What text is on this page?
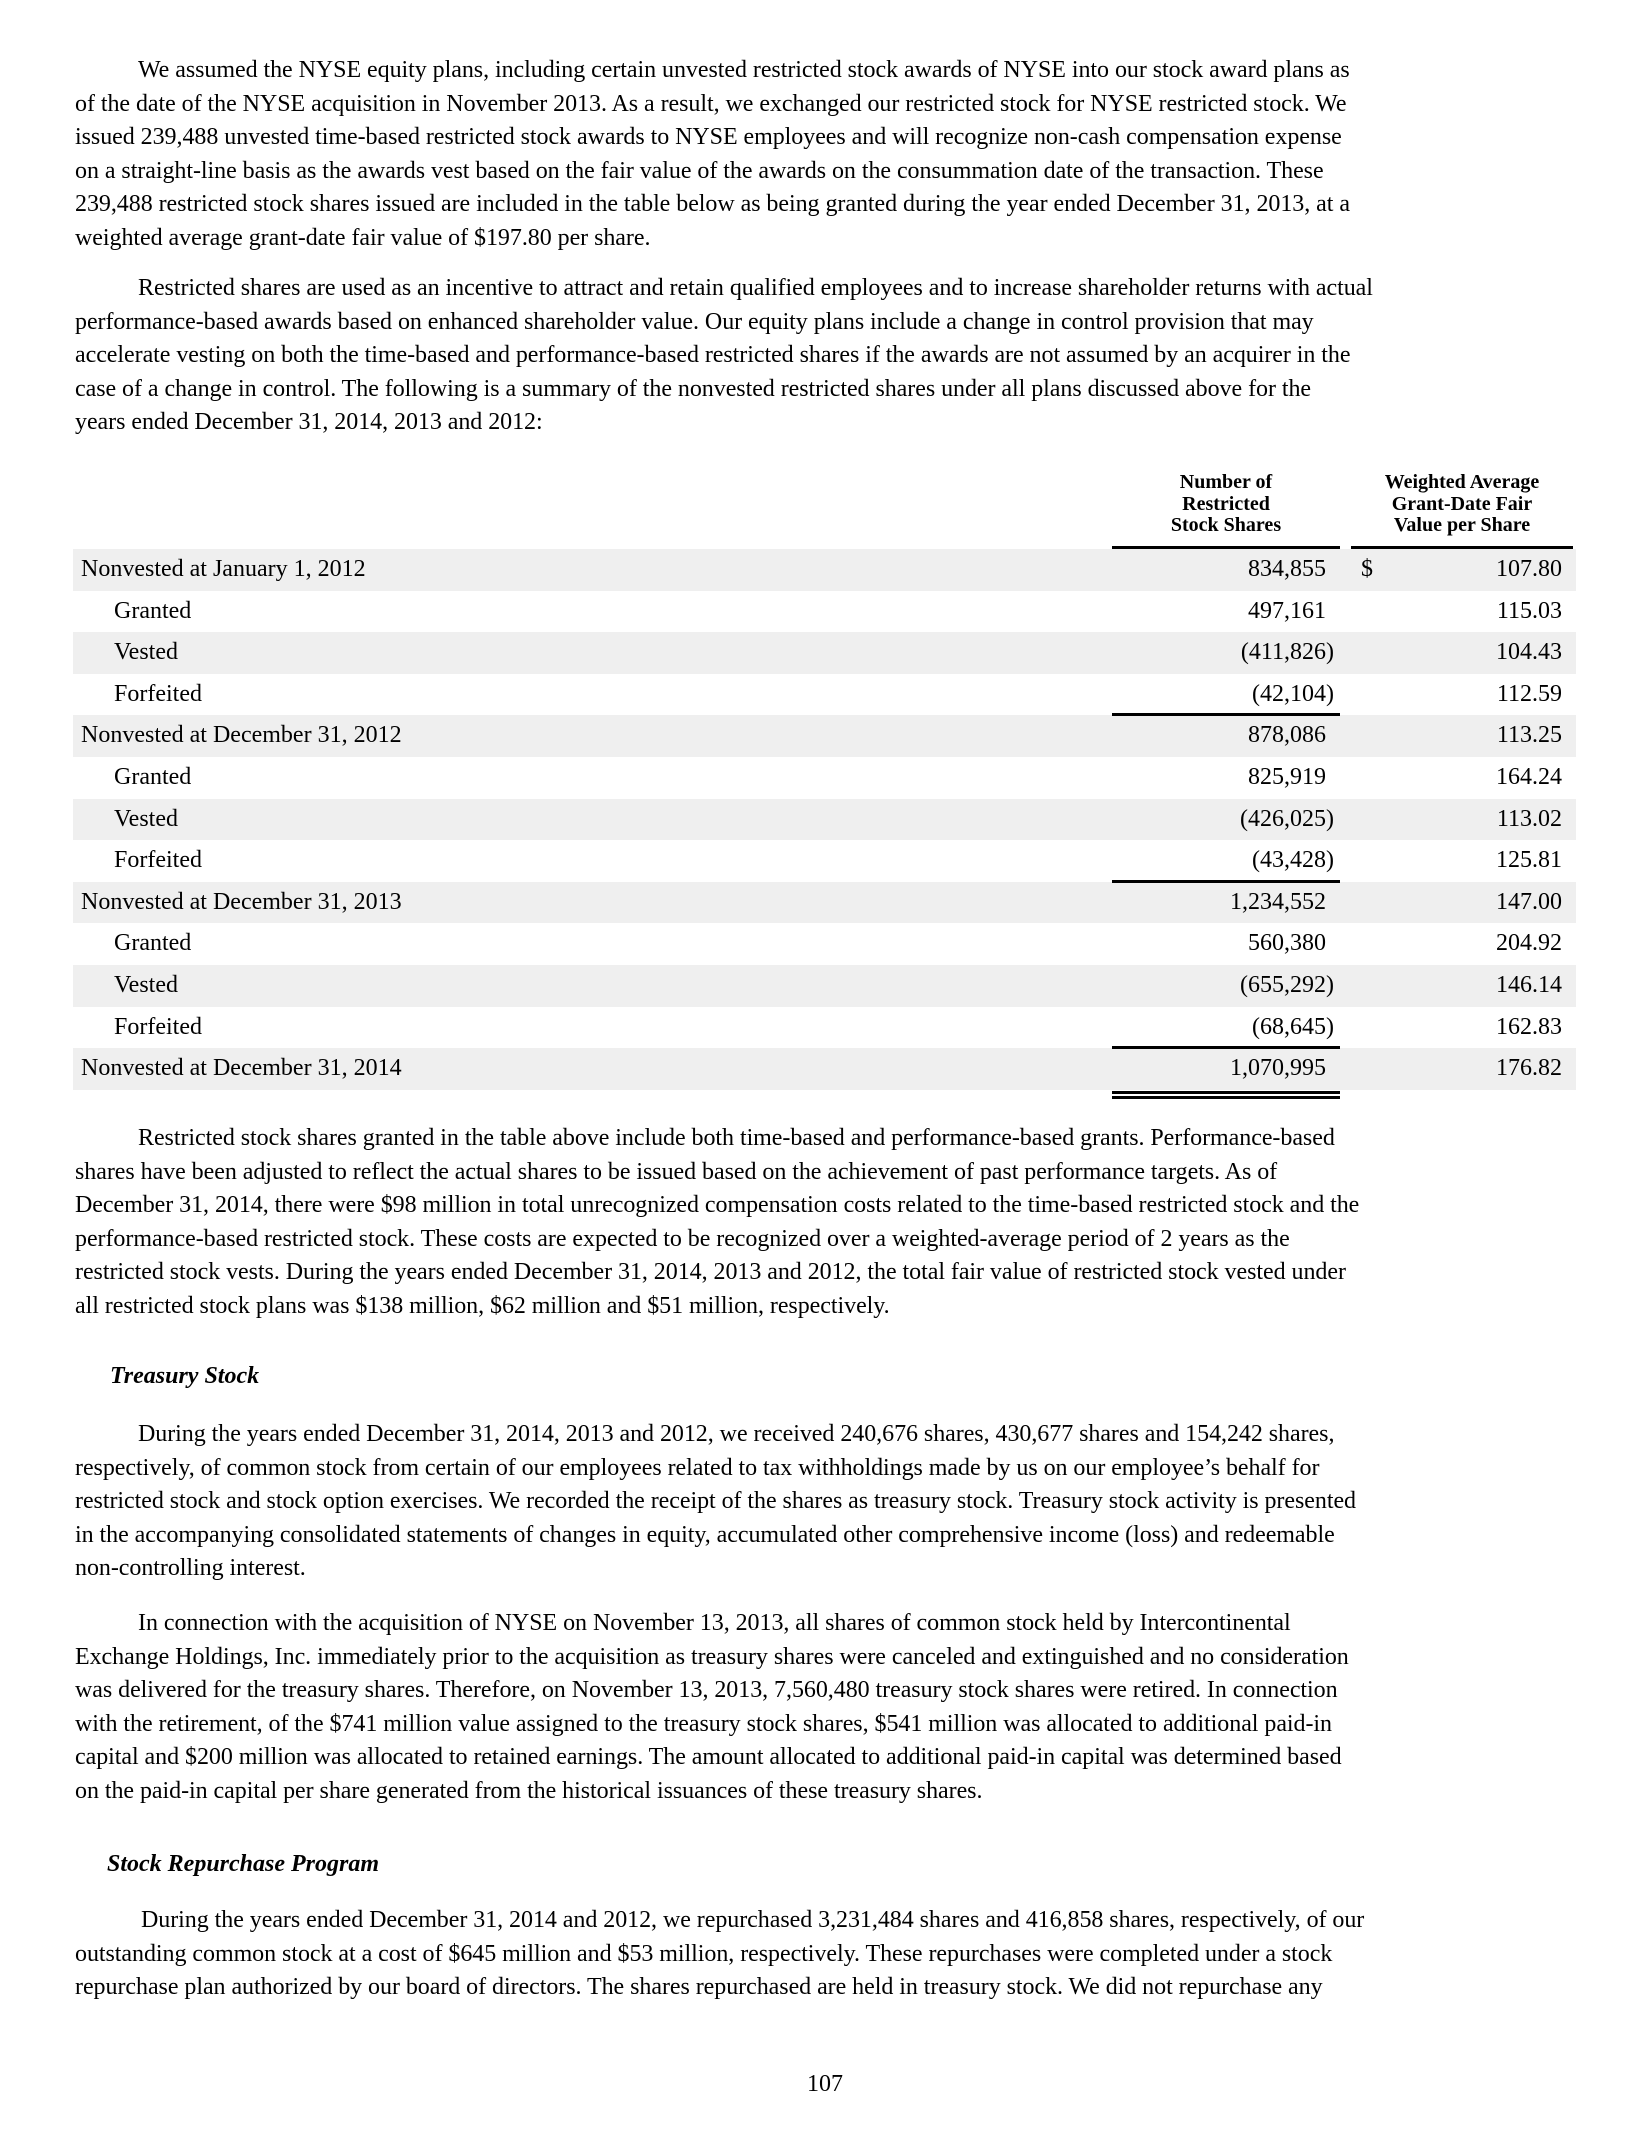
We assumed the NYSE equity plans, including certain unvested restricted stock awards of NYSE into our stock award plans as
of the date of the NYSE acquisition in November 2013. As a result, we exchanged our restricted stock for NYSE restricted stock. We
issued 239,488 unvested time-based restricted stock awards to NYSE employees and will recognize non-cash compensation expense
on a straight-line basis as the awards vest based on the fair value of the awards on the consummation date of the transaction. These
239,488 restricted stock shares issued are included in the table below as being granted during the year ended December 31, 2013, at a
weighted average grant-date fair value of $197.80 per share.
Restricted shares are used as an incentive to attract and retain qualified employees and to increase shareholder returns with actual
performance-based awards based on enhanced shareholder value. Our equity plans include a change in control provision that may
accelerate vesting on both the time-based and performance-based restricted shares if the awards are not assumed by an acquirer in the
case of a change in control. The following is a summary of the nonvested restricted shares under all plans discussed above for the
years ended December 31, 2014, 2013 and 2012:
Number of
Restricted
Stock Shares
Weighted Average
Grant-Date Fair
Value per Share
Nonvested at January 1, 2012	834,855	$	107.80
Granted	497,161	115.03
Vested	(411,826)	104.43
Forfeited	(42,104)	112.59
Nonvested at December 31, 2012	878,086	113.25
Granted	825,919	164.24
Vested	(426,025)	113.02
Forfeited	(43,428)	125.81
Nonvested at December 31, 2013	1,234,552	147.00
Granted	560,380	204.92
Vested	(655,292)	146.14
Forfeited	(68,645)	162.83
Nonvested at December 31, 2014	1,070,995	176.82
Restricted stock shares granted in the table above include both time-based and performance-based grants. Performance-based
shares have been adjusted to reflect the actual shares to be issued based on the achievement of past performance targets. As of
December 31, 2014, there were $98 million in total unrecognized compensation costs related to the time-based restricted stock and the
performance-based restricted stock. These costs are expected to be recognized over a weighted-average period of 2 years as the
restricted stock vests. During the years ended December 31, 2014, 2013 and 2012, the total fair value of restricted stock vested under
all restricted stock plans was $138 million, $62 million and $51 million, respectively.
Treasury Stock
During the years ended December 31, 2014, 2013 and 2012, we received 240,676 shares, 430,677 shares and 154,242 shares,
respectively, of common stock from certain of our employees related to tax withholdings made by us on our employee’s behalf for
restricted stock and stock option exercises. We recorded the receipt of the shares as treasury stock. Treasury stock activity is presented
in the accompanying consolidated statements of changes in equity, accumulated other comprehensive income (loss) and redeemable
non-controlling interest.
In connection with the acquisition of NYSE on November 13, 2013, all shares of common stock held by Intercontinental
Exchange Holdings, Inc. immediately prior to the acquisition as treasury shares were canceled and extinguished and no consideration
was delivered for the treasury shares. Therefore, on November 13, 2013, 7,560,480 treasury stock shares were retired. In connection
with the retirement, of the $741 million value assigned to the treasury stock shares, $541 million was allocated to additional paid-in
capital and $200 million was allocated to retained earnings. The amount allocated to additional paid-in capital was determined based
on the paid-in capital per share generated from the historical issuances of these treasury shares.
Stock Repurchase Program
During the years ended December 31, 2014 and 2012, we repurchased 3,231,484 shares and 416,858 shares, respectively, of our
outstanding common stock at a cost of $645 million and $53 million, respectively. These repurchases were completed under a stock
repurchase plan authorized by our board of directors. The shares repurchased are held in treasury stock. We did not repurchase any
107
